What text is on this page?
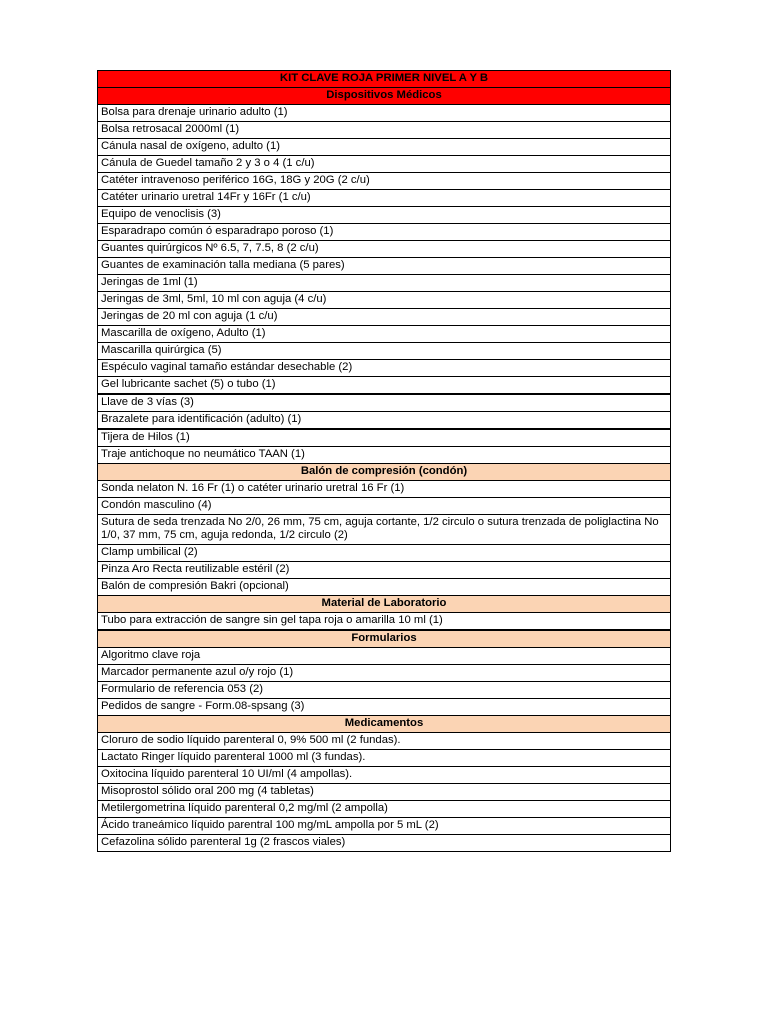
KIT CLAVE ROJA PRIMER NIVEL A Y B
Dispositivos Médicos
Bolsa para drenaje urinario adulto (1)
Bolsa retrosacal 2000ml (1)
Cánula nasal de oxígeno, adulto (1)
Cánula de Guedel tamaño 2 y 3 o 4 (1 c/u)
Catéter intravenoso periférico 16G, 18G y 20G (2 c/u)
Catéter urinario uretral 14Fr y 16Fr (1 c/u)
Equipo de venoclisis (3)
Esparadrapo común ó esparadrapo poroso (1)
Guantes quirúrgicos Nº 6.5, 7, 7.5, 8 (2 c/u)
Guantes de examinación talla mediana (5 pares)
Jeringas de 1ml (1)
Jeringas de 3ml, 5ml, 10 ml con aguja (4 c/u)
Jeringas de 20 ml con aguja (1 c/u)
Mascarilla de oxígeno, Adulto (1)
Mascarilla quirúrgica (5)
Espéculo vaginal tamaño estándar desechable (2)
Gel lubricante sachet (5) o tubo (1)
Llave de 3 vías (3)
Brazalete para identificación (adulto) (1)
Tijera de Hilos (1)
Traje antichoque no neumático TAAN (1)
Balón de compresión (condón)
Sonda nelaton N. 16 Fr (1) o catéter urinario uretral 16 Fr (1)
Condón masculino (4)
Sutura de seda trenzada No 2/0, 26 mm, 75 cm, aguja cortante, 1/2 circulo o sutura trenzada de poliglactina No 1/0, 37 mm, 75 cm, aguja redonda, 1/2 circulo (2)
Clamp umbilical (2)
Pinza Aro Recta reutilizable estéril (2)
Balón de compresión Bakri (opcional)
Material de Laboratorio
Tubo para extracción de sangre sin gel tapa roja o amarilla 10 ml (1)
Formularios
Algoritmo clave roja
Marcador permanente azul o/y rojo (1)
Formulario de referencia 053 (2)
Pedidos de sangre - Form.08-spsang (3)
Medicamentos
Cloruro de sodio líquido parenteral 0, 9% 500 ml (2 fundas).
Lactato Ringer líquido parenteral 1000 ml (3 fundas).
Oxitocina líquido parenteral 10 UI/ml (4 ampollas).
Misoprostol sólido oral 200 mg (4 tabletas)
Metilergometrina líquido parenteral 0,2 mg/ml (2 ampolla)
Ácido traneámico líquido parentral 100 mg/mL ampolla por 5 mL (2)
Cefazolina sólido parenteral 1g (2 frascos viales)
